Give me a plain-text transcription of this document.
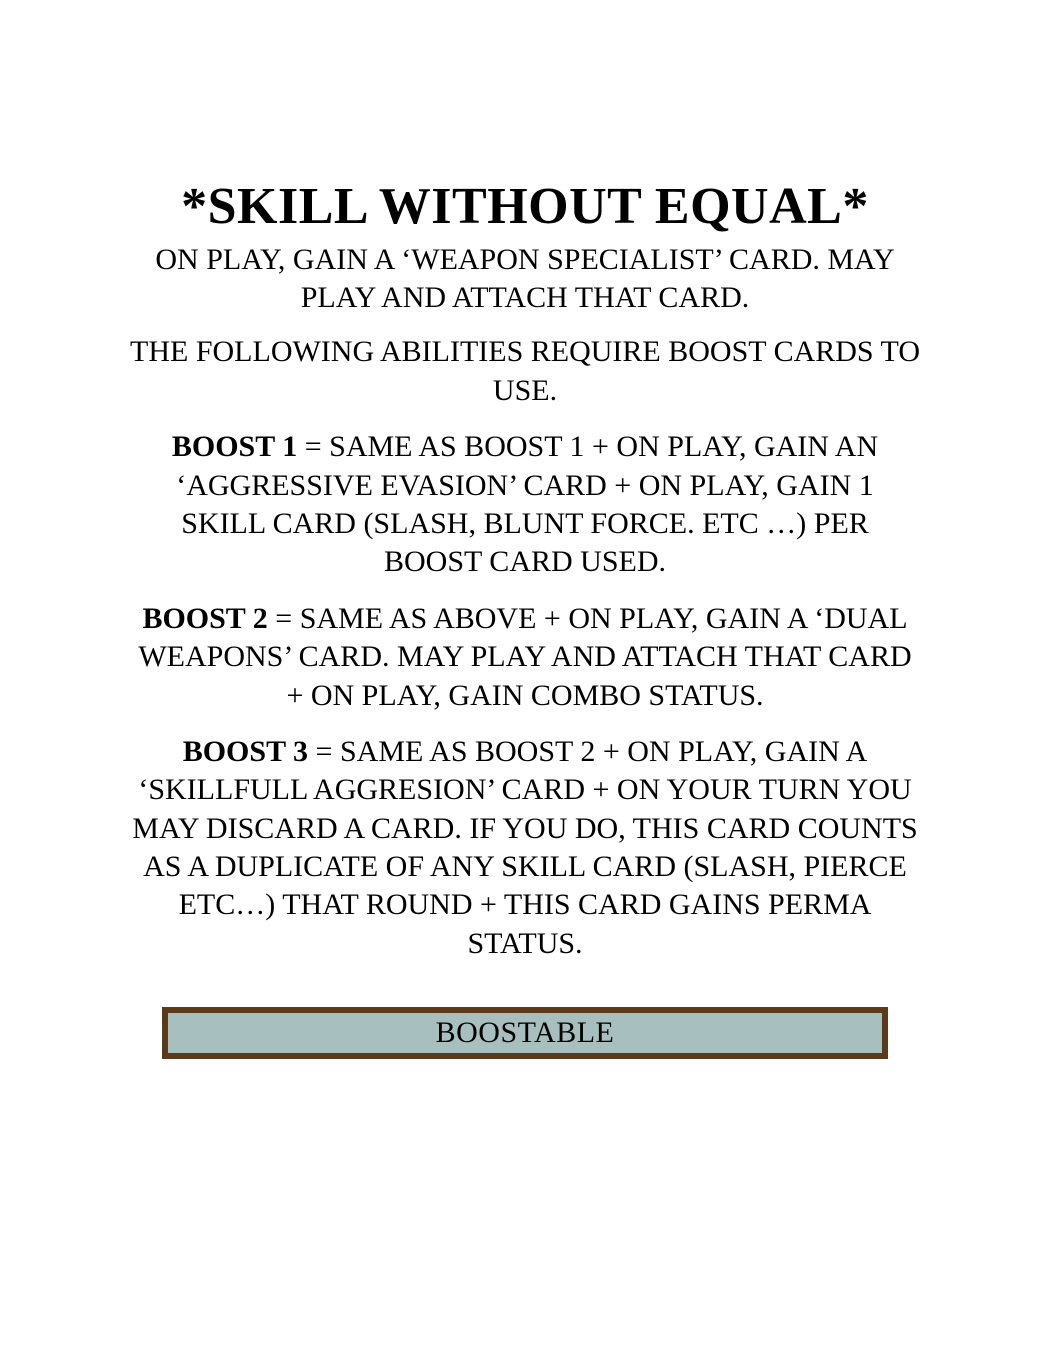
*SKILL WITHOUT EQUAL*

ON PLAY, GAIN A ‘WEAPON SPECIALIST’ CARD. MAY PLAY AND ATTACH THAT CARD.

THE FOLLOWING ABILITIES REQUIRE BOOST CARDS TO USE.

BOOST 1 = SAME AS BOOST 1 + ON PLAY, GAIN AN ‘AGGRESSIVE EVASION’ CARD + ON PLAY, GAIN 1 SKILL CARD (SLASH, BLUNT FORCE. ETC …) PER BOOST CARD USED.

BOOST 2 = SAME AS ABOVE + ON PLAY, GAIN A ‘DUAL WEAPONS’ CARD. MAY PLAY AND ATTACH THAT CARD + ON PLAY, GAIN COMBO STATUS.

BOOST 3 = SAME AS BOOST 2 + ON PLAY, GAIN A ‘SKILLFULL AGGRESION’ CARD + ON YOUR TURN YOU MAY DISCARD A CARD. IF YOU DO, THIS CARD COUNTS AS A DUPLICATE OF ANY SKILL CARD (SLASH, PIERCE ETC…) THAT ROUND + THIS CARD GAINS PERMA STATUS.

BOOSTABLE
